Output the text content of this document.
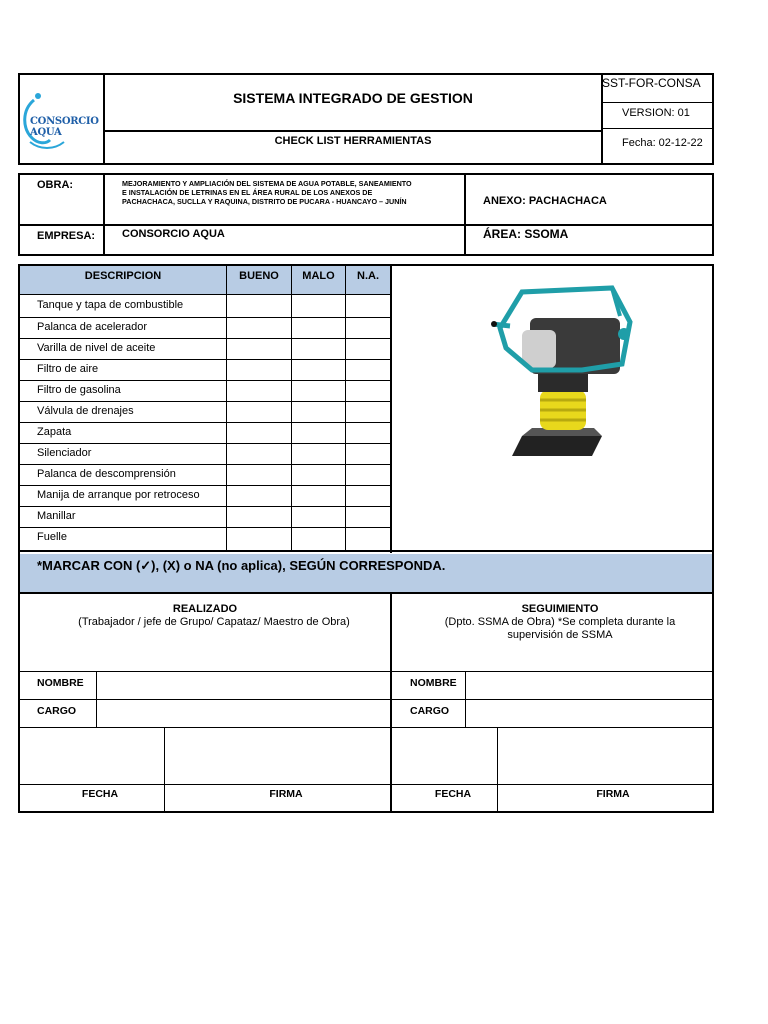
CONSORCIO AQUA
SISTEMA INTEGRADO DE GESTION
CHECK LIST HERRAMIENTAS
SST-FOR-CONSA
VERSION: 01
Fecha: 02-12-22
OBRA:	MEJORAMIENTO Y AMPLIACIÓN DEL SISTEMA DE AGUA POTABLE, SANEAMIENTO
E INSTALACIÓN DE LETRINAS EN EL ÁREA RURAL DE LOS ANEXOS DE
PACHACHACA, SUCLLA Y RAQUINA, DISTRITO DE PUCARA - HUANCAYO – JUNÍN	ANEXO: PACHACHACA
EMPRESA: CONSORCIO AQUA	ÁREA: SSOMA
DESCRIPCION	BUENO	MALO	N.A.
Tanque y tapa de combustible
Palanca de acelerador
Varilla de nivel de aceite
Filtro de aire
Filtro de gasolina
Válvula de drenajes
Zapata
Silenciador
Palanca de descomprensión
Manija de arranque por retroceso
Manillar
Fuelle
*MARCAR CON (✓), (X) o NA (no aplica), SEGÚN CORRESPONDA.
REALIZADO
(Trabajador / jefe de Grupo/ Capataz/ Maestro de Obra)
SEGUIMIENTO
(Dpto. SSMA de Obra) *Se completa durante la
supervisión de SSMA
NOMBRE	NOMBRE
CARGO	CARGO
FECHA	FIRMA	FECHA	FIRMA
